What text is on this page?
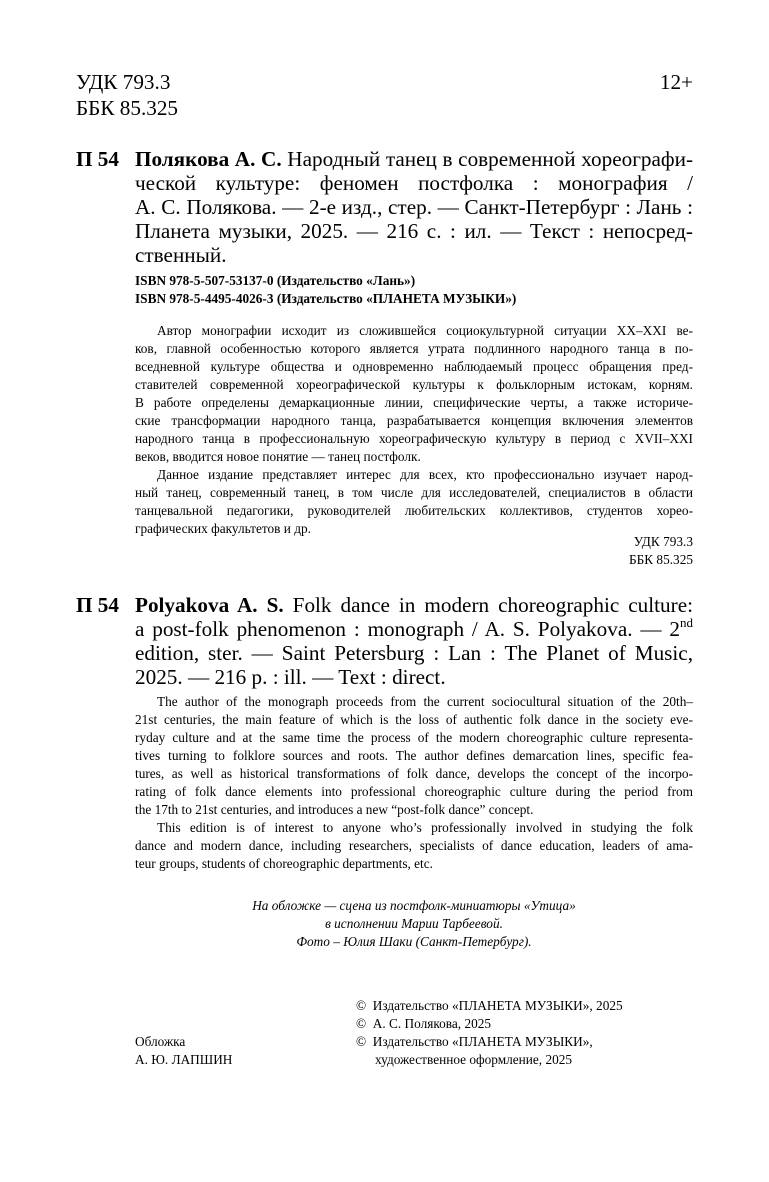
УДК 793.3
ББК 85.325
12+
П 54 Полякова А. С. Народный танец в современной хореографи-
ческой культуре: феномен постфолка : монография /
А. С. Полякова. — 2-е изд., стер. — Санкт-Петербург : Лань :
Планета музыки, 2025. — 216 с. : ил. — Текст : непосред-
ственный.
ISBN 978-5-507-53137-0 (Издательство «Лань»)
ISBN 978-5-4495-4026-3 (Издательство «ПЛАНЕТА МУЗЫКИ»)

Автор монографии исходит из сложившейся социокультурной ситуации XX–XXI ве-

ков, главной особенностью которого является утрата подлинного народного танца в по-

вседневной культуре общества и одновременно наблюдаемый процесс обращения пред-

ставителей современной хореографической культуры к фольклорным истокам, корням.

В работе определены демаркационные линии, специфические черты, а также историче-

ские трансформации народного танца, разрабатывается концепция включения элементов

народного танца в профессиональную хореографическую культуру в период с XVII–XXI

веков, вводится новое понятие — танец постфолк.

Данное издание представляет интерес для всех, кто профессионально изучает народ-

ный танец, современный танец, в том числе для исследователей, специалистов в области

танцевальной педагогики, руководителей любительских коллективов, студентов хорео-

графических факультетов и др.

УДК 793.3
ББК 85.325
П 54 Polyakova A. S. Folk dance in modern choreographic culture:
a post-folk phenomenon : monograph / A. S. Polyakova. — 2nd
edition, ster. — Saint Petersburg : Lan : The Planet of Music,
2025. — 216 p. : ill. — Text : direct.

The author of the monograph proceeds from the current sociocultural situation of the 20th–

21st centuries, the main feature of which is the loss of authentic folk dance in the society eve-

ryday culture and at the same time the process of the modern choreographic culture representa-

tives turning to folklore sources and roots. The author defines demarcation lines, specific fea-

tures, as well as historical transformations of folk dance, develops the concept of the incorpo-

rating of folk dance elements into professional choreographic culture during the period from

the 17th to 21st centuries, and introduces a new “post-folk dance” concept.

This edition is of interest to anyone who’s professionally involved in studying the folk

dance and modern dance, including researchers, specialists of dance education, leaders of ama-

teur groups, students of choreographic departments, etc.

На обложке — сцена из постфолк-миниатюры «Утица»
в исполнении Марии Тарбеевой.
Фото – Юлия Шаки (Санкт-Петербург).
© Издательство «ПЛАНЕТА МУЗЫКИ», 2025
© А. С. Полякова, 2025
© Издательство «ПЛАНЕТА МУЗЫКИ»,
художественное оформление, 2025
Обложка
А. Ю. ЛАПШИН
